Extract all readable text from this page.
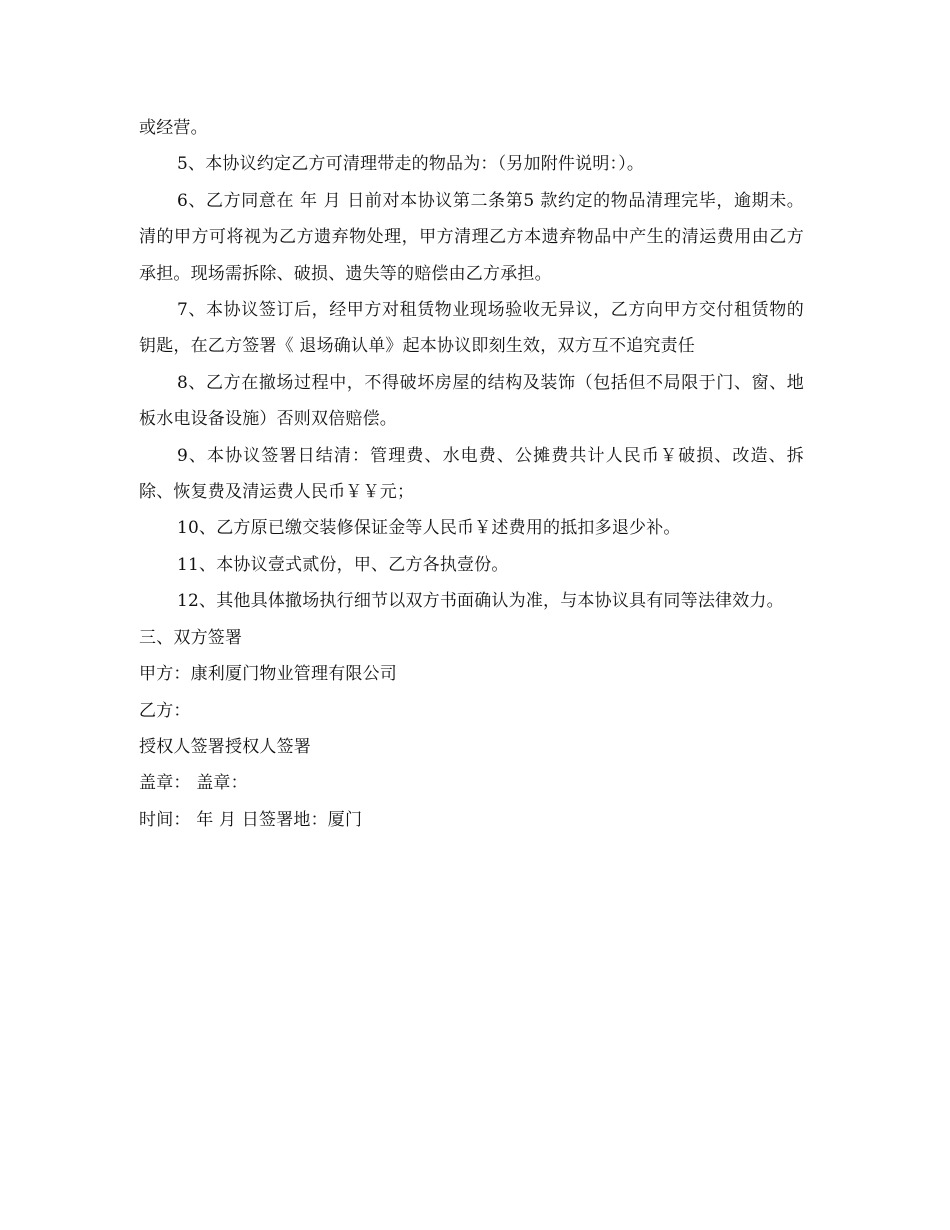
或经营。

5、本协议约定乙方可清理带走的物品为：（另加附件说明：）。

6、乙方同意在 年 月 日前对本协议第二条第5 款约定的物品清理完毕，逾期未。清的甲方可将视为乙方遗弃物处理，甲方清理乙方本遗弃物品中产生的清运费用由乙方承担。现场需拆除、破损、遗失等的赔偿由乙方承担。

7、本协议签订后，经甲方对租赁物业现场验收无异议，乙方向甲方交付租赁物的钥匙，在乙方签署《 退场确认单》起本协议即刻生效，双方互不追究责任

8、乙方在撤场过程中，不得破坏房屋的结构及装饰（包括但不局限于门、窗、地板水电设备设施）否则双倍赔偿。

9、本协议签署日结清：管理费、水电费、公摊费共计人民币￥破损、改造、拆除、恢复费及清运费人民币￥￥元；

10、乙方原已缴交装修保证金等人民币￥述费用的抵扣多退少补。

11、本协议壹式贰份，甲、乙方各执壹份。

12、其他具体撤场执行细节以双方书面确认为准，与本协议具有同等法律效力。

三、双方签署

甲方：康利厦门物业管理有限公司

乙方：

授权人签署授权人签署

盖章： 盖章：

时间： 年 月 日签署地：厦门
